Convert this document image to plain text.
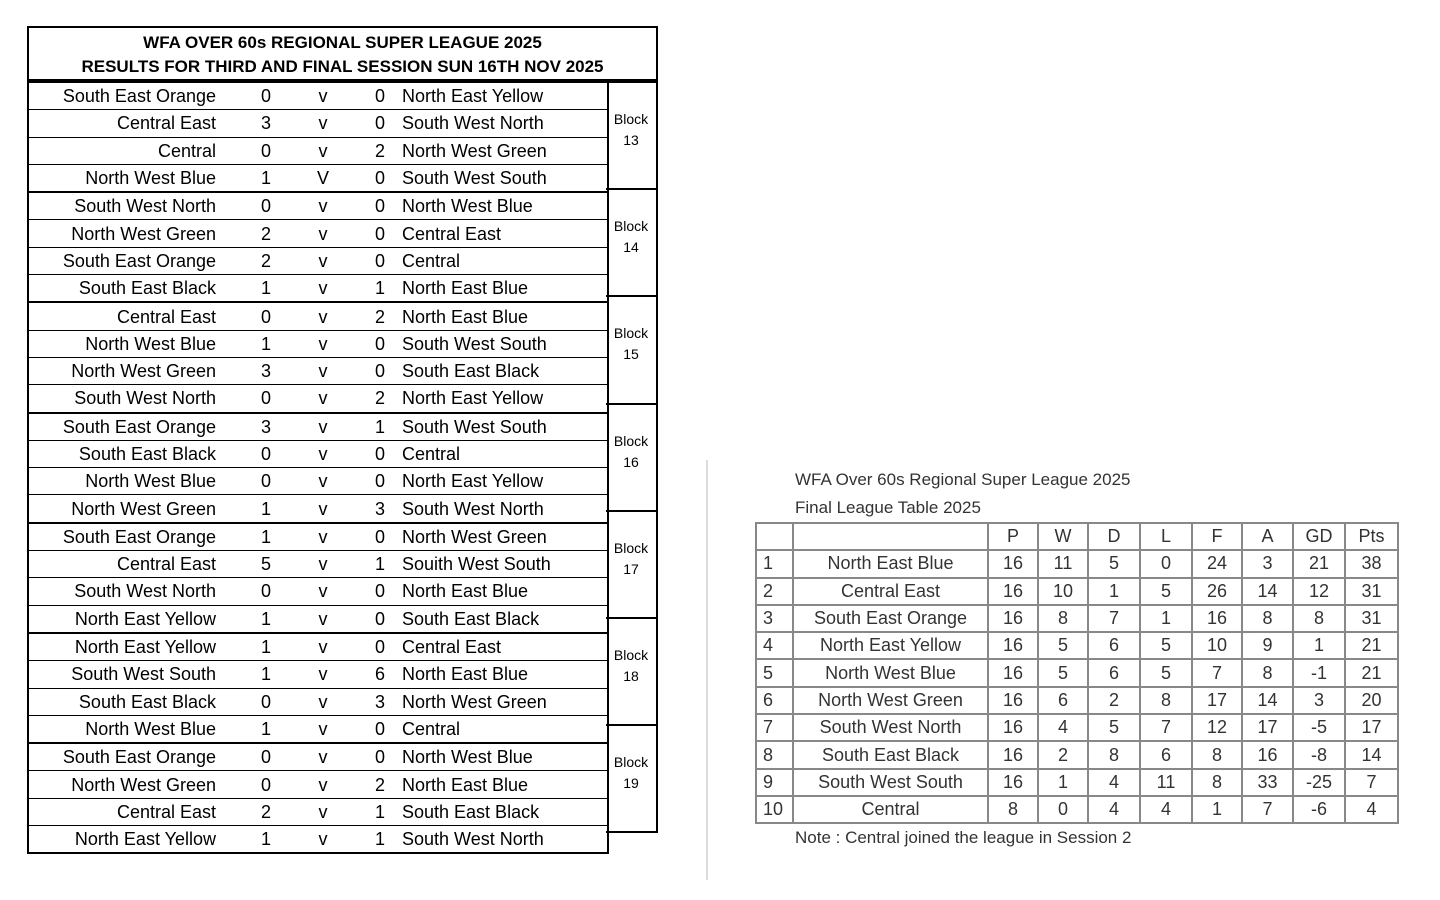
WFA OVER 60s REGIONAL SUPER LEAGUE 2025
RESULTS FOR THIRD AND FINAL SESSION SUN 16TH NOV 2025
South East Orange	0	v	0	North East Yellow
Central East	3	v	0	South West North
Central	0	v	2	North West Green
North West Blue	1	V	0	South West South
South West North	0	v	0	North West Blue
North West Green	2	v	0	Central East
South East Orange	2	v	0	Central
South East Black	1	v	1	North East Blue
Central East	0	v	2	North East Blue
North West Blue	1	v	0	South West South
North West Green	3	v	0	South East Black
South West North	0	v	2	North East Yellow
South East Orange	3	v	1	South West South
South East Black	0	v	0	Central
North West Blue	0	v	0	North East Yellow
North West Green	1	v	3	South West North
South East Orange	1	v	0	North West Green
Central East	5	v	1	Souith West South
South West North	0	v	0	North East Blue
North East Yellow	1	v	0	South East Black
North East Yellow	1	v	0	Central East
South West South	1	v	6	North East Blue
South East Black	0	v	3	North West Green
North West Blue	1	v	0	Central
South East Orange	0	v	0	North West Blue
North West Green	0	v	2	North East Blue
Central East	2	v	1	South East Black
North East Yellow	1	v	1	South West North
Block
13
Block
14
Block
15
Block
16
Block
17
Block
18
Block
19
WFA Over 60s Regional Super League 2025
Final League Table 2025
		P	W	D	L	F	A	GD	Pts
1	North East Blue	16	11	5	0	24	3	21	38
2	Central East	16	10	1	5	26	14	12	31
3	South East Orange	16	8	7	1	16	8	8	31
4	North East Yellow	16	5	6	5	10	9	1	21
5	North West Blue	16	5	6	5	7	8	-1	21
6	North West Green	16	6	2	8	17	14	3	20
7	South West North	16	4	5	7	12	17	-5	17
8	South East Black	16	2	8	6	8	16	-8	14
9	South West South	16	1	4	11	8	33	-25	7
10	Central	8	0	4	4	1	7	-6	4
Note : Central joined the league in Session 2
